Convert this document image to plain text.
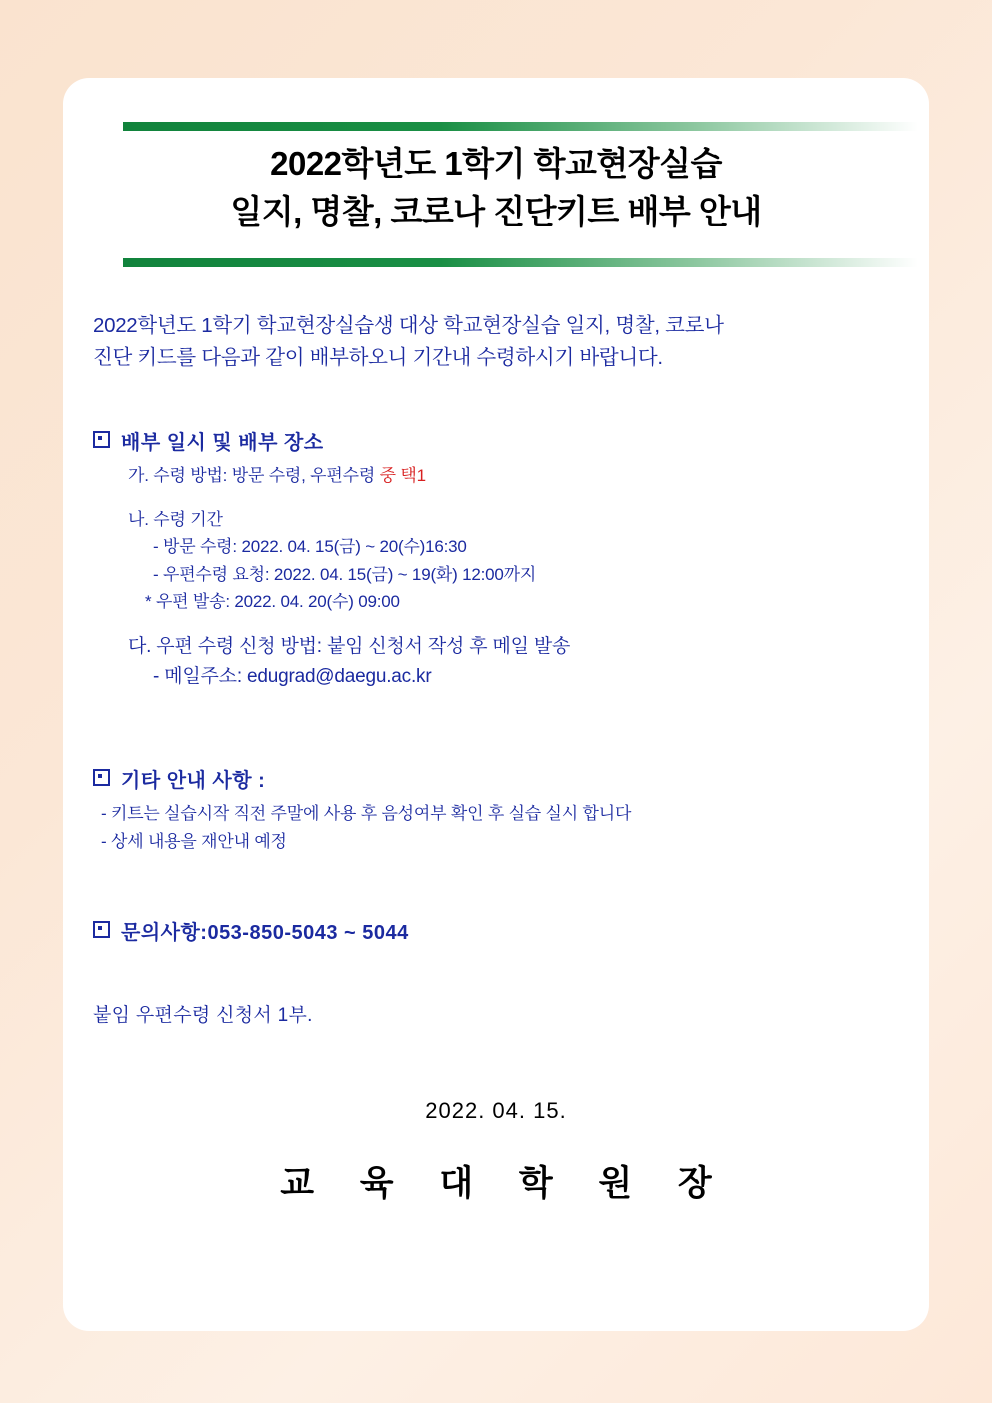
2022학년도 1학기 학교현장실습
일지, 명찰, 코로나 진단키트 배부 안내
2022학년도 1학기 학교현장실습생 대상 학교현장실습 일지, 명찰, 코로나
진단 키드를 다음과 같이 배부하오니 기간내 수령하시기 바랍니다.
배부 일시 및 배부 장소
가. 수령 방법: 방문 수령, 우편수령 중 택1
나. 수령 기간
- 방문 수령: 2022. 04. 15(금) ~ 20(수)16:30
- 우편수령 요청: 2022. 04. 15(금) ~ 19(화) 12:00까지
* 우편 발송: 2022. 04. 20(수) 09:00
다. 우편 수령 신청 방법: 붙임 신청서 작성 후 메일 발송
- 메일주소: edugrad@daegu.ac.kr
기타 안내 사항 :
- 키트는 실습시작 직전 주말에 사용 후 음성여부 확인 후 실습 실시 합니다
- 상세 내용을 재안내 예정
문의사항:053-850-5043 ~ 5044
붙임 우편수령 신청서 1부.
2022. 04. 15.
교 육 대 학 원 장
